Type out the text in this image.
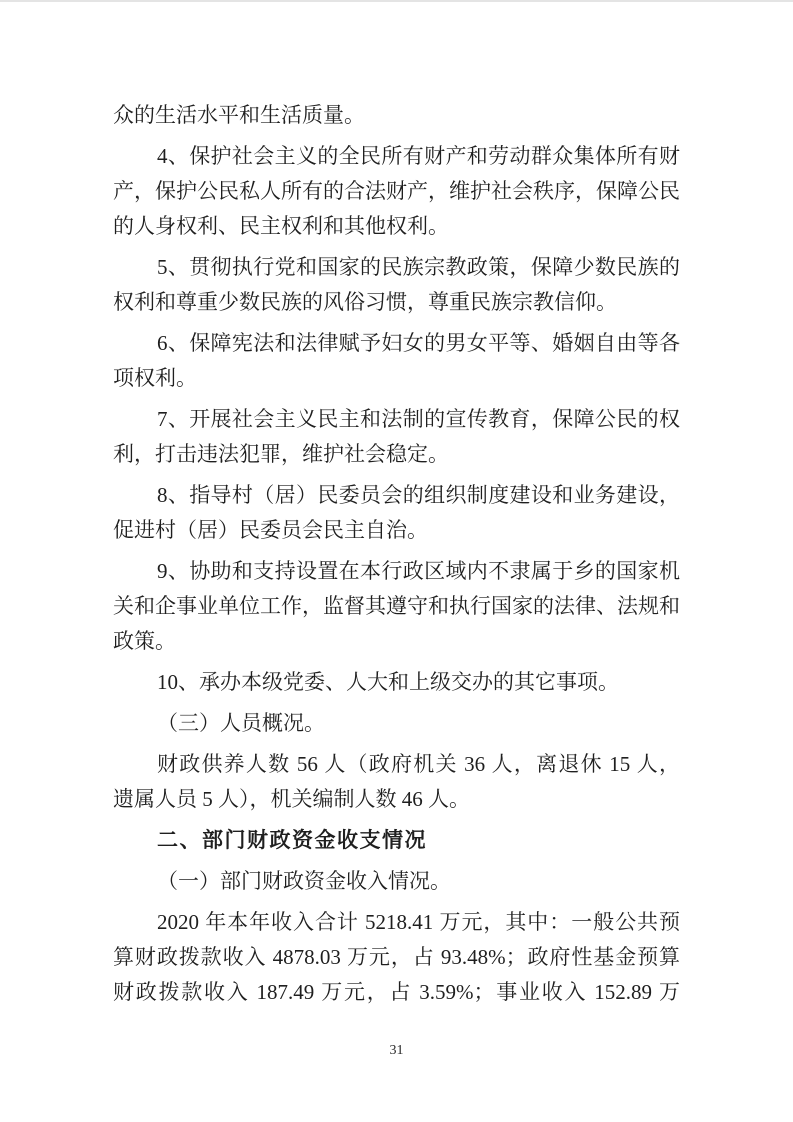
众的生活水平和生活质量。

4、保护社会主义的全民所有财产和劳动群众集体所有财
产，保护公民私人所有的合法财产，维护社会秩序，保障公民
的人身权利、民主权利和其他权利。

5、贯彻执行党和国家的民族宗教政策，保障少数民族的
权利和尊重少数民族的风俗习惯，尊重民族宗教信仰。

6、保障宪法和法律赋予妇女的男女平等、婚姻自由等各
项权利。

7、开展社会主义民主和法制的宣传教育，保障公民的权
利，打击违法犯罪，维护社会稳定。

8、指导村（居）民委员会的组织制度建设和业务建设，
促进村（居）民委员会民主自治。

9、协助和支持设置在本行政区域内不隶属于乡的国家机
关和企事业单位工作，监督其遵守和执行国家的法律、法规和
政策。

10、承办本级党委、人大和上级交办的其它事项。

（三）人员概况。

财政供养人数 56 人（政府机关 36 人，离退休 15 人，
遗属人员 5 人），机关编制人数 46 人。

二、部门财政资金收支情况

（一）部门财政资金收入情况。

2020 年本年收入合计 5218.41 万元，其中：一般公共预
算财政拨款收入 4878.03 万元，占 93.48%；政府性基金预算
财政拨款收入 187.49 万元，占 3.59%；事业收入 152.89 万

31
